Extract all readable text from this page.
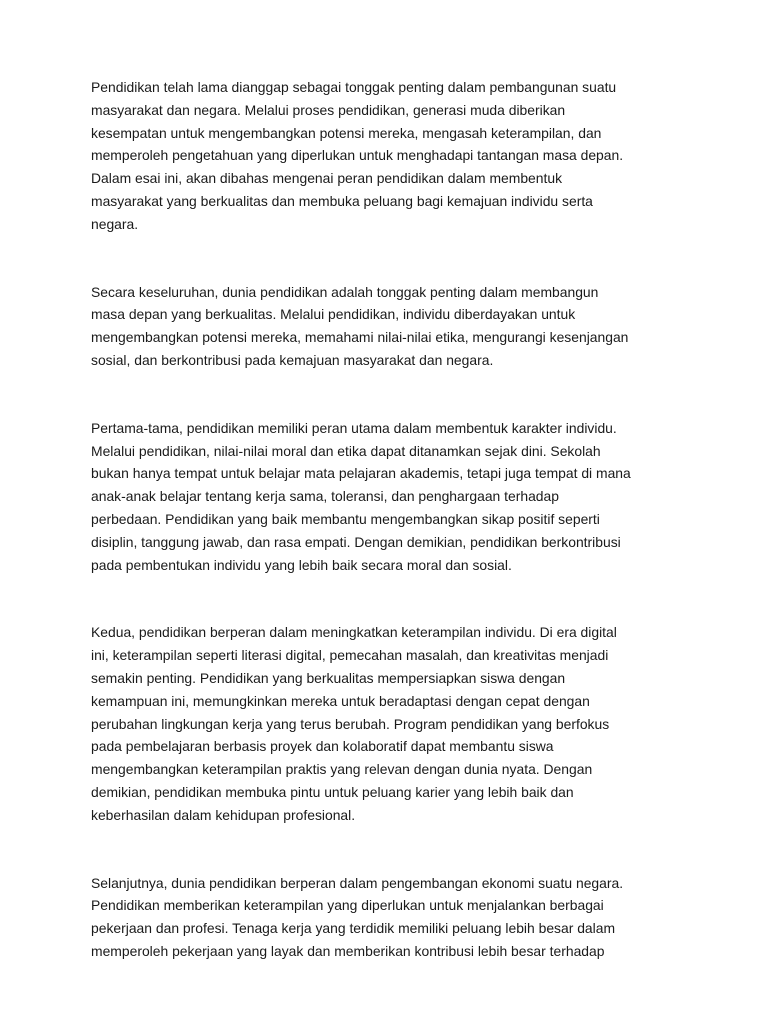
Pendidikan telah lama dianggap sebagai tonggak penting dalam pembangunan suatu
masyarakat dan negara. Melalui proses pendidikan, generasi muda diberikan
kesempatan untuk mengembangkan potensi mereka, mengasah keterampilan, dan
memperoleh pengetahuan yang diperlukan untuk menghadapi tantangan masa depan.
Dalam esai ini, akan dibahas mengenai peran pendidikan dalam membentuk
masyarakat yang berkualitas dan membuka peluang bagi kemajuan individu serta
negara.

Secara keseluruhan, dunia pendidikan adalah tonggak penting dalam membangun
masa depan yang berkualitas. Melalui pendidikan, individu diberdayakan untuk
mengembangkan potensi mereka, memahami nilai-nilai etika, mengurangi kesenjangan
sosial, dan berkontribusi pada kemajuan masyarakat dan negara.

Pertama-tama, pendidikan memiliki peran utama dalam membentuk karakter individu.
Melalui pendidikan, nilai-nilai moral dan etika dapat ditanamkan sejak dini. Sekolah
bukan hanya tempat untuk belajar mata pelajaran akademis, tetapi juga tempat di mana
anak-anak belajar tentang kerja sama, toleransi, dan penghargaan terhadap
perbedaan. Pendidikan yang baik membantu mengembangkan sikap positif seperti
disiplin, tanggung jawab, dan rasa empati. Dengan demikian, pendidikan berkontribusi
pada pembentukan individu yang lebih baik secara moral dan sosial.

Kedua, pendidikan berperan dalam meningkatkan keterampilan individu. Di era digital
ini, keterampilan seperti literasi digital, pemecahan masalah, dan kreativitas menjadi
semakin penting. Pendidikan yang berkualitas mempersiapkan siswa dengan
kemampuan ini, memungkinkan mereka untuk beradaptasi dengan cepat dengan
perubahan lingkungan kerja yang terus berubah. Program pendidikan yang berfokus
pada pembelajaran berbasis proyek dan kolaboratif dapat membantu siswa
mengembangkan keterampilan praktis yang relevan dengan dunia nyata. Dengan
demikian, pendidikan membuka pintu untuk peluang karier yang lebih baik dan
keberhasilan dalam kehidupan profesional.

Selanjutnya, dunia pendidikan berperan dalam pengembangan ekonomi suatu negara.
Pendidikan memberikan keterampilan yang diperlukan untuk menjalankan berbagai
pekerjaan dan profesi. Tenaga kerja yang terdidik memiliki peluang lebih besar dalam
memperoleh pekerjaan yang layak dan memberikan kontribusi lebih besar terhadap
